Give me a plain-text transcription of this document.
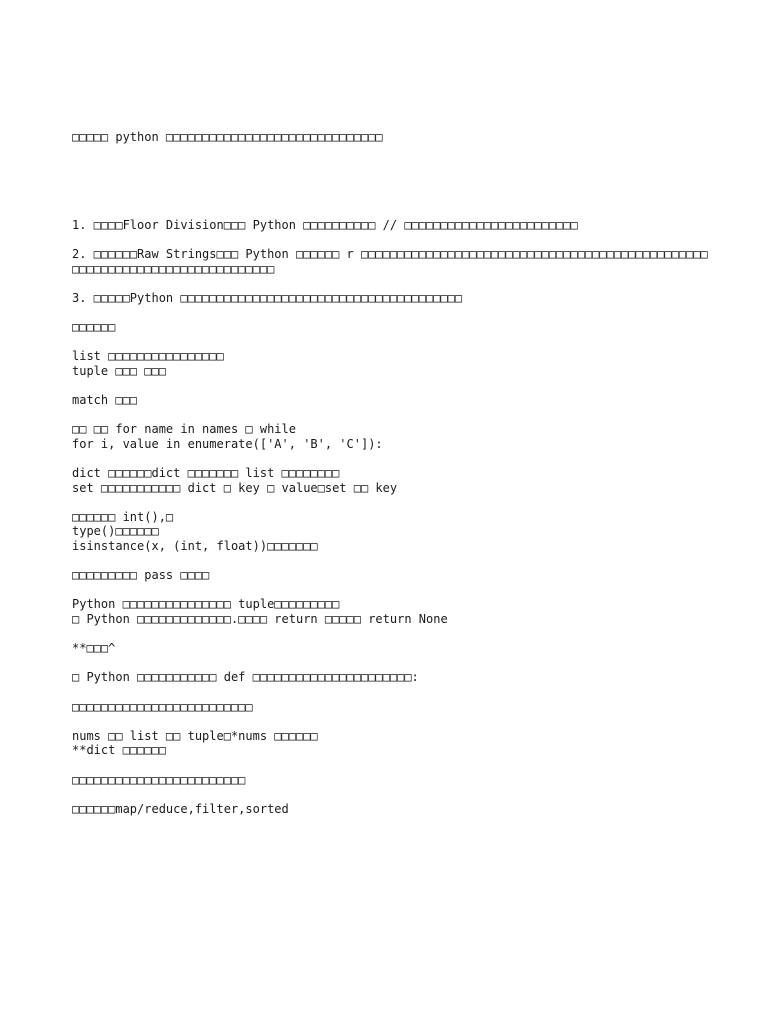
□□□□□ python □□□□□□□□□□□□□□□□□□□□□□□□□□□□□□

1. □□□□Floor Division□□□ Python □□□□□□□□□□ // □□□□□□□□□□□□□□□□□□□□□□□□
2. □□□□□□Raw Strings□□□ Python □□□□□□ r □□□□□□□□□□□□□□□□□□□□□□□□□□□□□□□□□□□□□□□□□□□□□□□□□□□□□□□□□□□□□□□□□□□□□□□□□□□□
3. □□□□□Python □□□□□□□□□□□□□□□□□□□□□□□□□□□□□□□□□□□□□□□
□□□□□□
list □□□□□□□□□□□□□□□□
tuple □□□ □□□
match □□□
□□ □□ for name in names □ while
for i, value in enumerate(['A', 'B', 'C']):
dict □□□□□□dict □□□□□□□ list □□□□□□□□
set □□□□□□□□□□□ dict □ key □ value□set □□ key
□□□□□□ int(),□
type()□□□□□□
isinstance(x, (int, float))□□□□□□□
□□□□□□□□□ pass □□□□
Python □□□□□□□□□□□□□□□ tuple□□□□□□□□□
□ Python □□□□□□□□□□□□□.□□□□ return □□□□□ return None
**□□□^
□ Python □□□□□□□□□□□ def □□□□□□□□□□□□□□□□□□□□□□:
□□□□□□□□□□□□□□□□□□□□□□□□□
nums □□ list □□ tuple□*nums □□□□□□
**dict □□□□□□
□□□□□□□□□□□□□□□□□□□□□□□□
□□□□□□map/reduce,filter,sorted
